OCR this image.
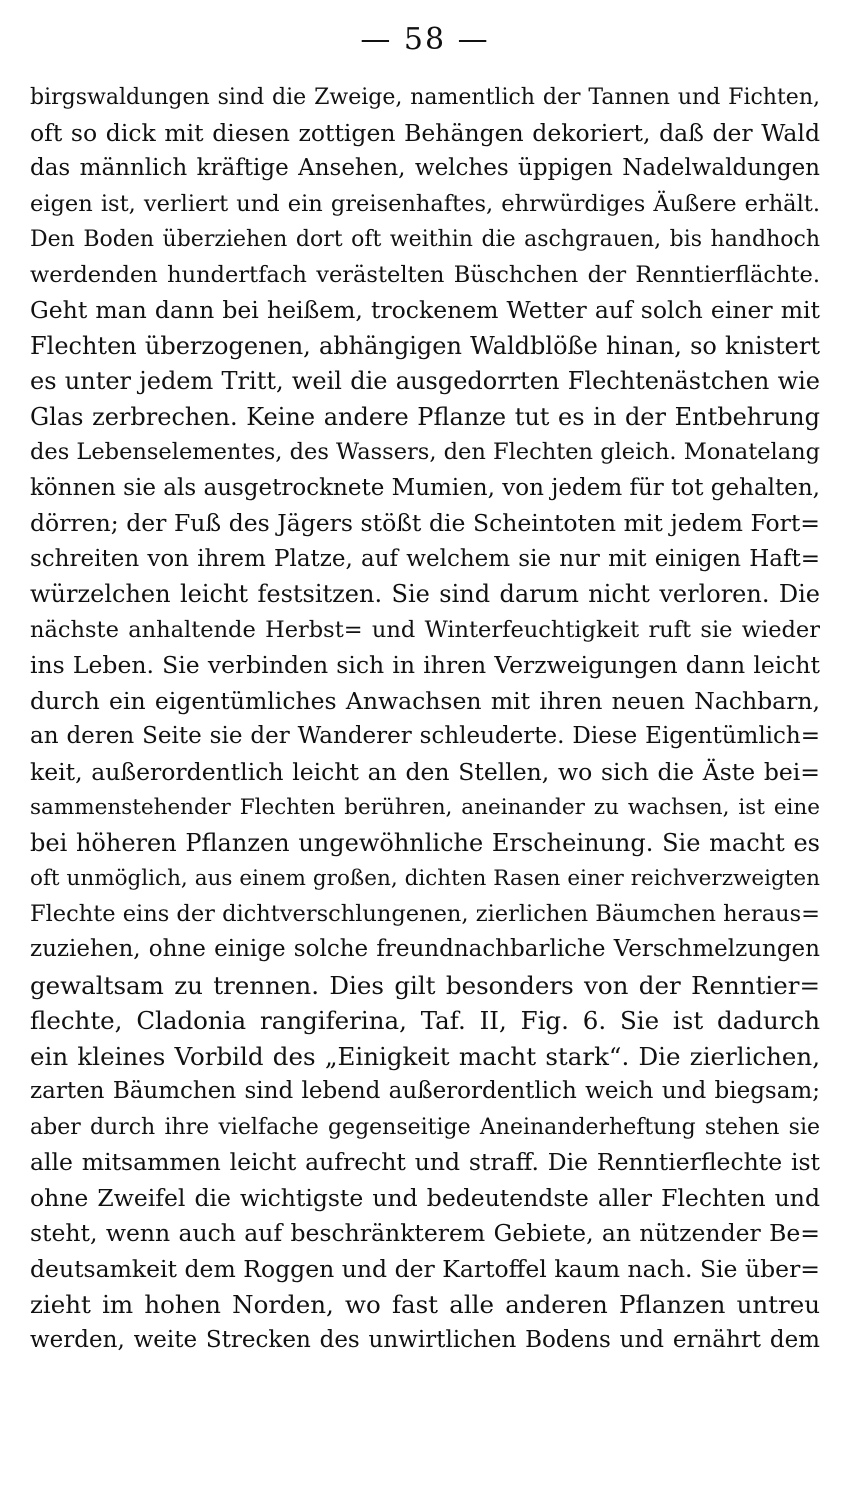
— 58 —
birgswaldungen sind die Zweige, namentlich der Tannen und Fichten,
oft so dick mit diesen zottigen Behängen dekoriert, daß der Wald
das männlich kräftige Ansehen, welches üppigen Nadelwaldungen
eigen ist, verliert und ein greisenhaftes, ehrwürdiges Äußere erhält.
Den Boden überziehen dort oft weithin die aschgrauen, bis handhoch
werdenden hundertfach verästelten Büschchen der Renntierflächte.
Geht man dann bei heißem, trockenem Wetter auf solch einer mit
Flechten überzogenen, abhängigen Waldblöße hinan, so knistert
es unter jedem Tritt, weil die ausgedorrten Flechtenästchen wie
Glas zerbrechen. Keine andere Pflanze tut es in der Entbehrung
des Lebenselementes, des Wassers, den Flechten gleich. Monatelang
können sie als ausgetrocknete Mumien, von jedem für tot gehalten,
dörren; der Fuß des Jägers stößt die Scheintoten mit jedem Fort=
schreiten von ihrem Platze, auf welchem sie nur mit einigen Haft=
würzelchen leicht festsitzen. Sie sind darum nicht verloren. Die
nächste anhaltende Herbst= und Winterfeuchtigkeit ruft sie wieder
ins Leben. Sie verbinden sich in ihren Verzweigungen dann leicht
durch ein eigentümliches Anwachsen mit ihren neuen Nachbarn,
an deren Seite sie der Wanderer schleuderte. Diese Eigentümlich=
keit, außerordentlich leicht an den Stellen, wo sich die Äste bei=
sammenstehender Flechten berühren, aneinander zu wachsen, ist eine
bei höheren Pflanzen ungewöhnliche Erscheinung. Sie macht es
oft unmöglich, aus einem großen, dichten Rasen einer reichverzweigten
Flechte eins der dichtverschlungenen, zierlichen Bäumchen heraus=
zuziehen, ohne einige solche freundnachbarliche Verschmelzungen
gewaltsam zu trennen. Dies gilt besonders von der Renntier=
flechte, Cladonia rangiferina, Taf. II, Fig. 6. Sie ist dadurch
ein kleines Vorbild des „Einigkeit macht stark“. Die zierlichen,
zarten Bäumchen sind lebend außerordentlich weich und biegsam;
aber durch ihre vielfache gegenseitige Aneinanderheftung stehen sie
alle mitsammen leicht aufrecht und straff. Die Renntierflechte ist
ohne Zweifel die wichtigste und bedeutendste aller Flechten und
steht, wenn auch auf beschränkterem Gebiete, an nützender Be=
deutsamkeit dem Roggen und der Kartoffel kaum nach. Sie über=
zieht im hohen Norden, wo fast alle anderen Pflanzen untreu
werden, weite Strecken des unwirtlichen Bodens und ernährt dem
